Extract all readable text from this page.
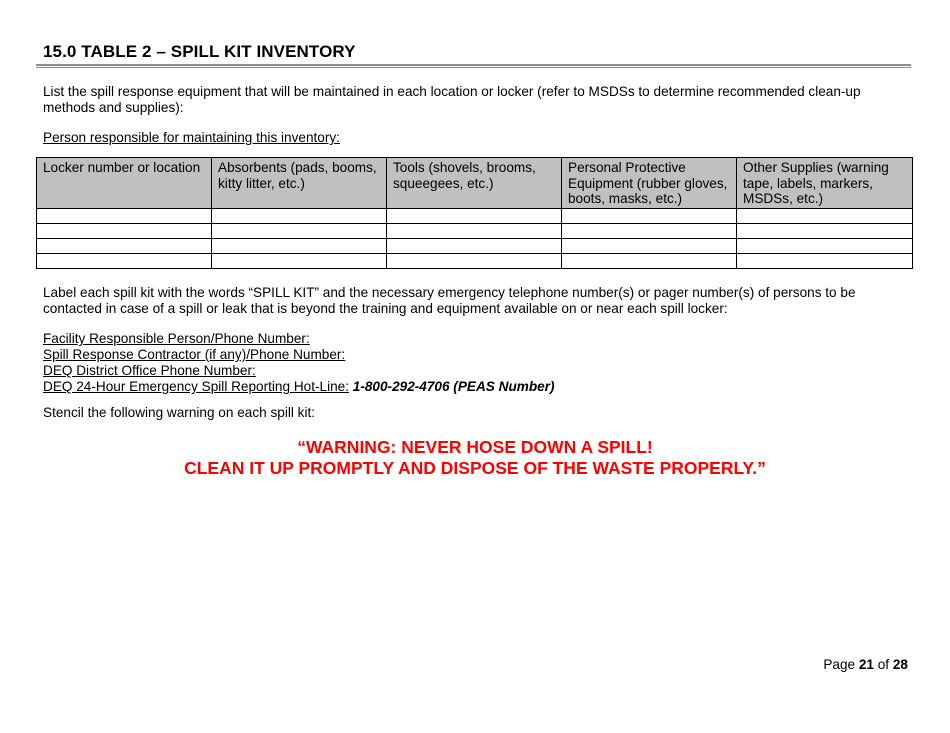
15.0 TABLE 2 – SPILL KIT INVENTORY

List the spill response equipment that will be maintained in each location or locker (refer to MSDSs to determine recommended clean-up methods and supplies):

Person responsible for maintaining this inventory:

Locker number or location	Absorbents (pads, booms, kitty litter, etc.)	Tools (shovels, brooms, squeegees, etc.)	Personal Protective Equipment (rubber gloves, boots, masks, etc.)	Other Supplies (warning tape, labels, markers, MSDSs, etc.)

Label each spill kit with the words “SPILL KIT” and the necessary emergency telephone number(s) or pager number(s) of persons to be contacted in case of a spill or leak that is beyond the training and equipment available on or near each spill locker:

Facility Responsible Person/Phone Number:
Spill Response Contractor (if any)/Phone Number:
DEQ District Office Phone Number:
DEQ 24-Hour Emergency Spill Reporting Hot-Line: 1-800-292-4706 (PEAS Number)

Stencil the following warning on each spill kit:

“WARNING: NEVER HOSE DOWN A SPILL!
CLEAN IT UP PROMPTLY AND DISPOSE OF THE WASTE PROPERLY.”
Page 21 of 28
